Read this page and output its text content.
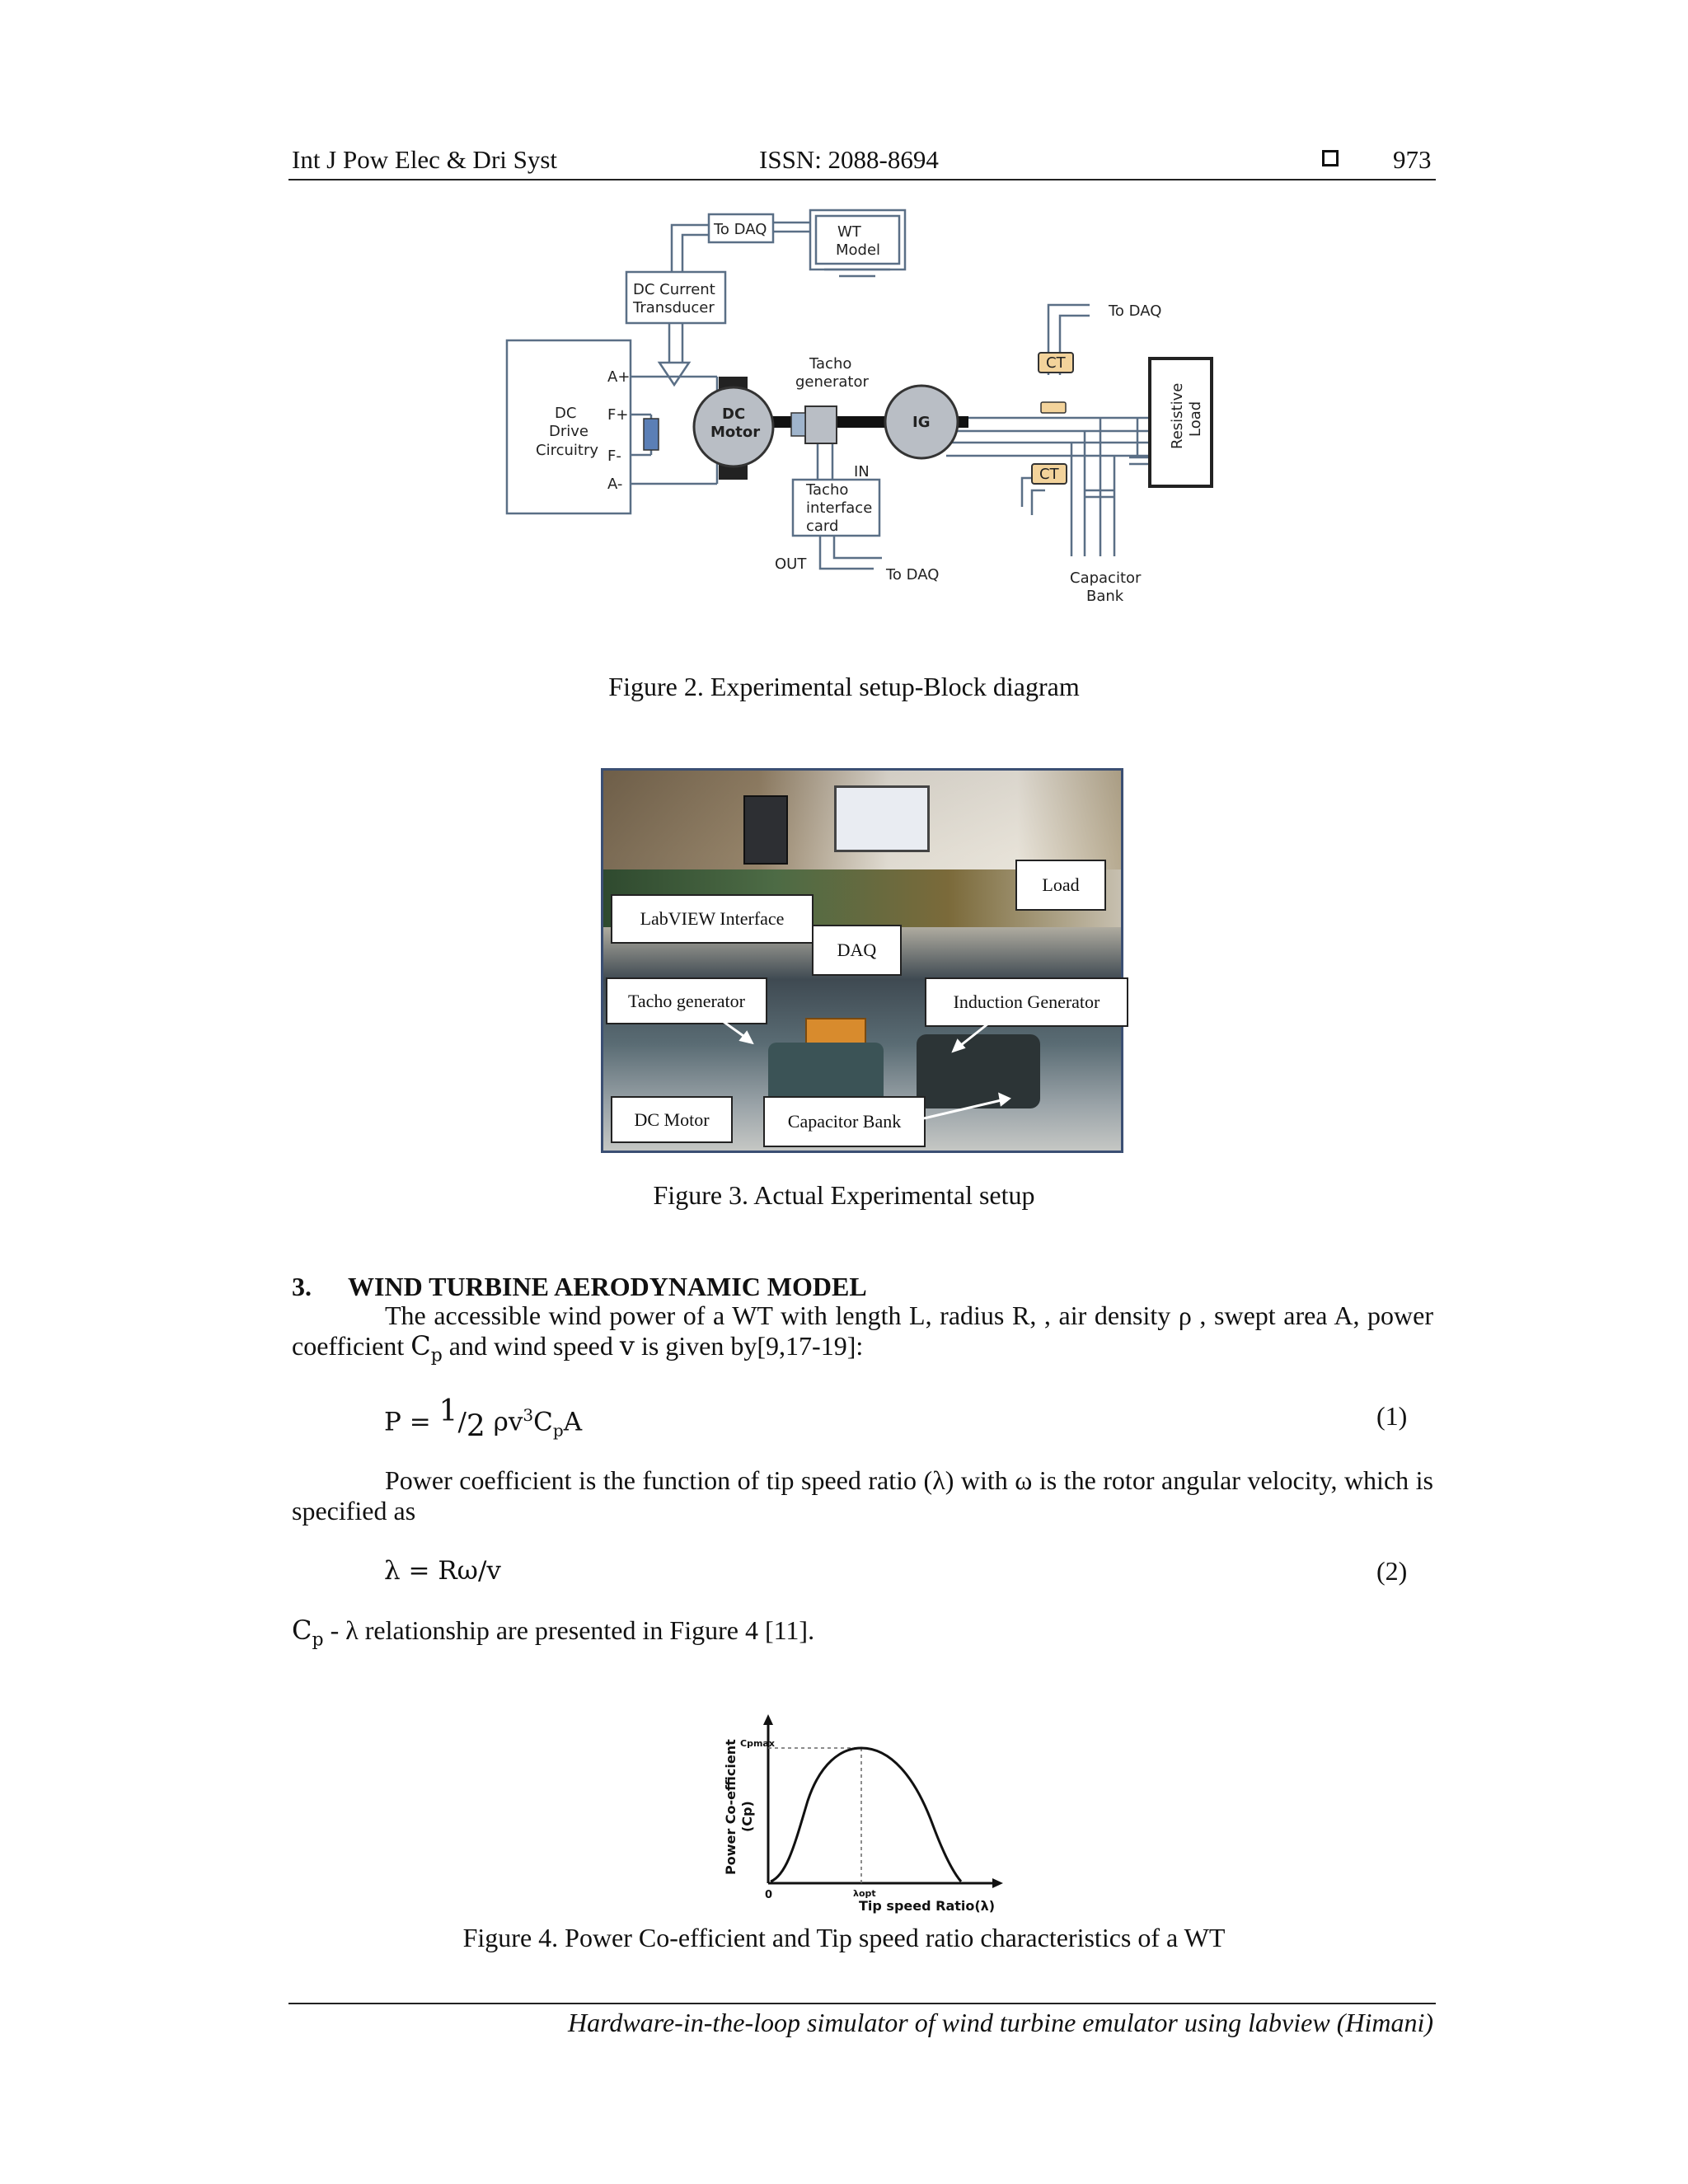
Int J Pow Elec & Dri Syst	ISSN: 2088-8694	973
To DAQ	WT
Model
DC Current
Transducer
DC
Drive
Circuitry
A+
F+
F-
A-
DC
Motor
Tacho
generator
IG
IN
Tacho
interface
card
OUT
To DAQ
To DAQ
CT
CT
Capacitor
Bank
Resistive Load
Figure 2. Experimental setup-Block diagram
Load
LabVIEW Interface
DAQ
Tacho generator	Induction Generator
DC Motor	Capacitor Bank
Figure 3. Actual Experimental setup
3. WIND TURBINE AERODYNAMIC MODEL
The accessible wind power of a WT with length L, radius R, , air density ρ , swept area A, power
coefficient $C_p$ and wind speed v is given by[9,17-19]:
$P = ^1/_2$ $\rho v^3C_pA$	(1)
Power coefficient is the function of tip speed ratio (λ) with ω is the rotor angular velocity, which is
specified as
λ = Rω/v	(2)
$C_p$ - λ relationship are presented in Figure 4 [11].
0
Cpmax
λopt
Tip speed Ratio(λ)
Power Co-efficient (Cp)
Figure 4. Power Co-efficient and Tip speed ratio characteristics of a WT
Hardware-in-the-loop simulator of wind turbine emulator using labview (Himani)
